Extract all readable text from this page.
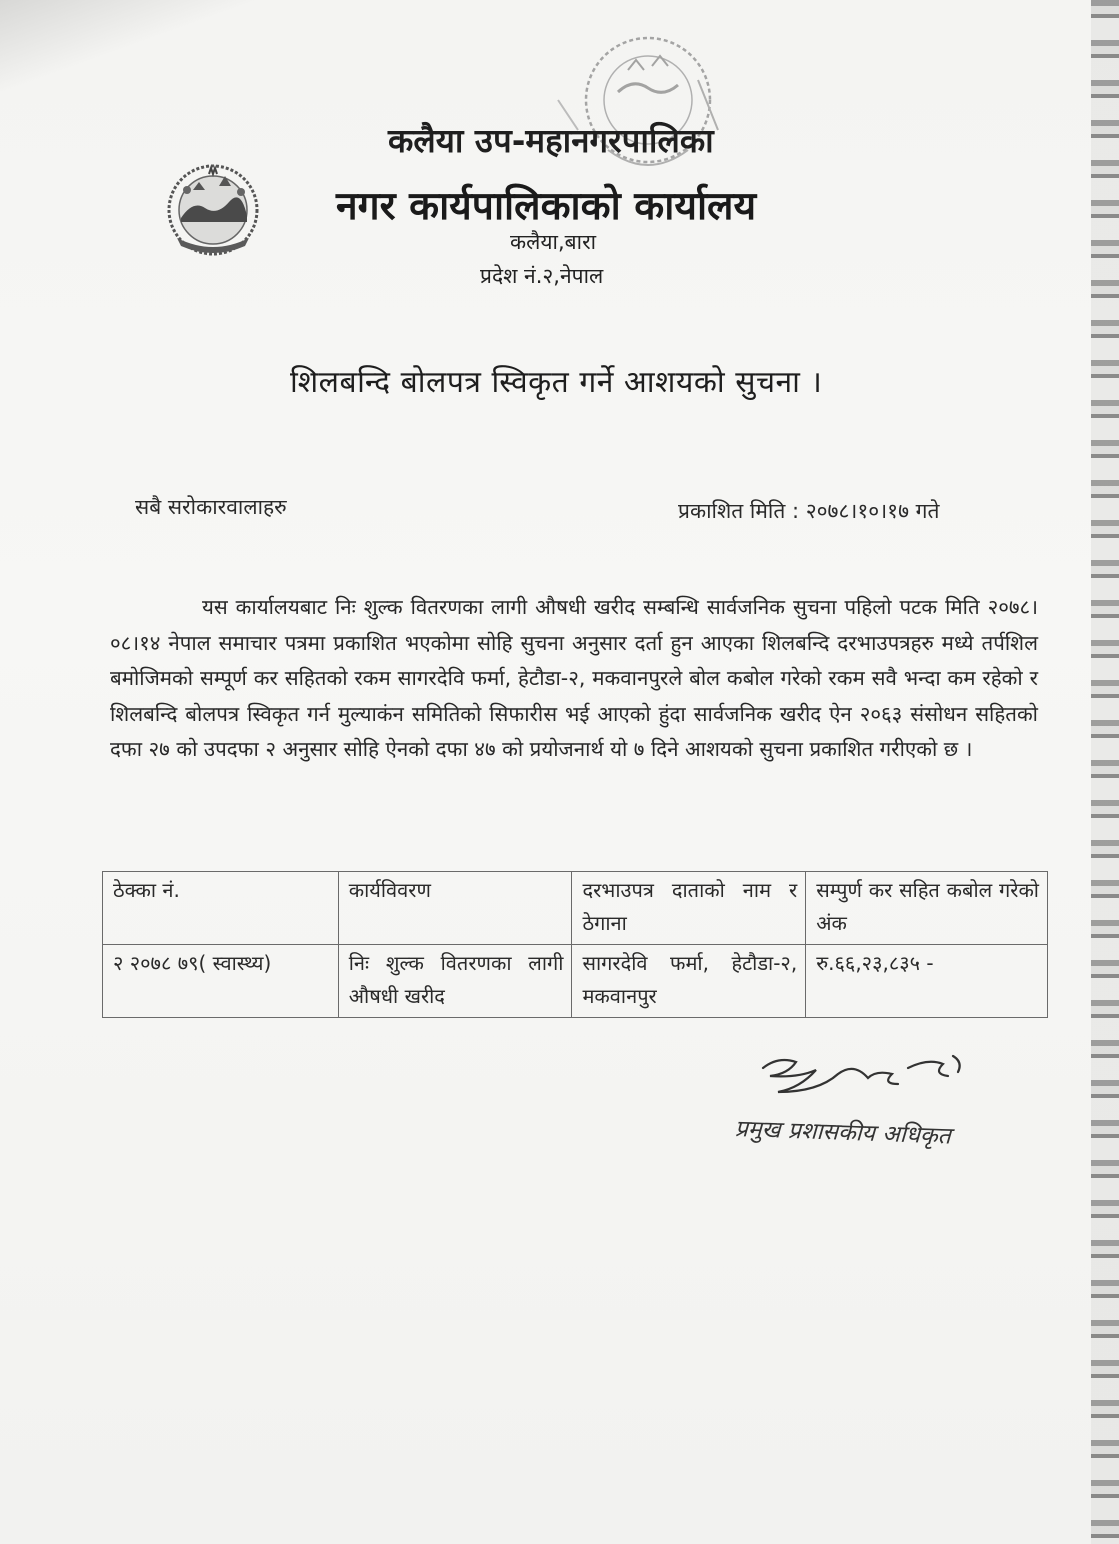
कलैया उप-महानगरपालिका
नगर कार्यपालिकाको कार्यालय
कलैया,बारा
प्रदेश नं.२,नेपाल
शिलबन्दि बोलपत्र स्विकृत गर्ने आशयको सुचना ।
सबै सरोकारवालाहरु	प्रकाशित मिति : २०७८।१०।१७ गते
यस कार्यालयबाट निः शुल्क वितरणका लागी औषधी खरीद सम्बन्धि सार्वजनिक सुचना पहिलो पटक मिति २०७८।०८।१४ नेपाल समाचार पत्रमा प्रकाशित भएकोमा सोहि सुचना अनुसार दर्ता हुन आएका शिलबन्दि दरभाउपत्रहरु मध्ये तर्पशिल बमोजिमको सम्पूर्ण कर सहितको रकम सागरदेवि फर्मा, हेटौडा-२, मकवानपुरले बोल कबोल गरेको रकम सवै भन्दा कम रहेको र शिलबन्दि बोलपत्र स्विकृत गर्न मुल्याकंन समितिको सिफारीस भई आएको हुंदा सार्वजनिक खरीद ऐन २०६३ संसोधन सहितको दफा २७ को उपदफा २ अनुसार सोहि ऐनको दफा ४७ को प्रयोजनार्थ यो ७ दिने आशयको सुचना प्रकाशित गरीएको छ ।
ठेक्का नं.	कार्यविवरण	दरभाउपत्र दाताको नाम र ठेगाना	सम्पुर्ण कर सहित कबोल गरेको अंक
२ २०७८ ७९( स्वास्थ्य)	निः शुल्क वितरणका लागी औषधी खरीद	सागरदेवि फर्मा, हेटौडा-२, मकवानपुर	रु.६६,२३,८३५ -
प्रमुख प्रशासकीय अधिकृत
